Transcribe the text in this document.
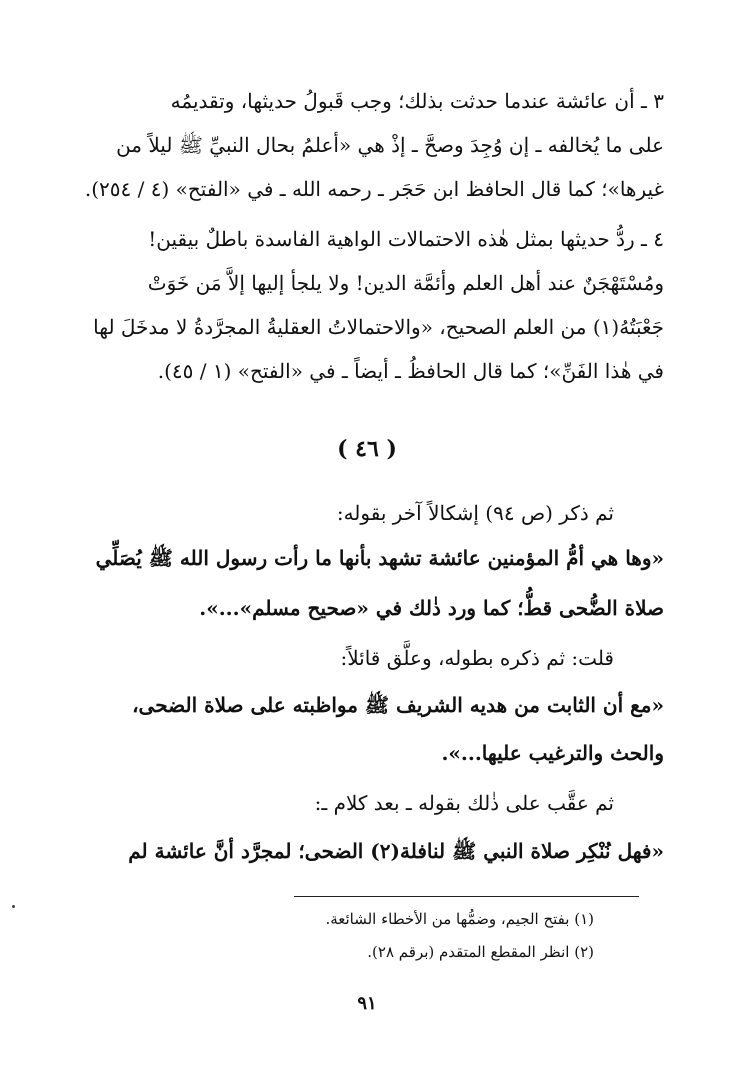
٣ ـ أن عائشة عندما حدثت بذلك؛ وجب قَبولُ حديثها، وتقديمُه
على ما يُخالفه ـ إن وُجِدَ وصحَّ ـ إذْ هي «أعلمُ بحال النبيِّ ﷺ ليلاً من
غيرها»؛ كما قال الحافظ ابن حَجَر ـ رحمه الله ـ في «الفتح» (٤ / ٢٥٤).
٤ ـ ردُّ حديثها بمثل هٰذه الاحتمالات الواهية الفاسدة باطلٌ بيقين!
ومُسْتَهْجَنٌ عند أهل العلم وأئمَّة الدين! ولا يلجأ إليها إلاَّ مَن خَوَتْ
جَعْبَتُهُ(١) من العلم الصحيح، «والاحتمالاتُ العقليةُ المجرَّدةُ لا مدخَلَ لها
في هٰذا الفَنِّ»؛ كما قال الحافظُ ـ أيضاً ـ في «الفتح» (١ / ٤٥).
( ٤٦ )
ثم ذكر (ص ٩٤) إشكالاً آخر بقوله:
«وها هي أمُّ المؤمنين عائشة تشهد بأنها ما رأت رسول الله ﷺ يُصَلِّي
صلاة الضُّحى قطُّ؛ كما ورد ذٰلك في «صحيح مسلم»...».
قلت: ثم ذكره بطوله، وعلَّق قائلاً:
«مع أن الثابت من هديه الشريف ﷺ مواظبته على صلاة الضحى،
والحث والترغيب عليها...».
ثم عقَّب على ذٰلك بقوله ـ بعد كلام ـ:
«فهل نُنْكِر صلاة النبي ﷺ لنافلة(٢) الضحى؛ لمجرَّد أنَّ عائشة لم
(١) بفتح الجيم، وضمُّها من الأخطاء الشائعة.
(٢) انظر المقطع المتقدم (برقم ٢٨).
٩١
